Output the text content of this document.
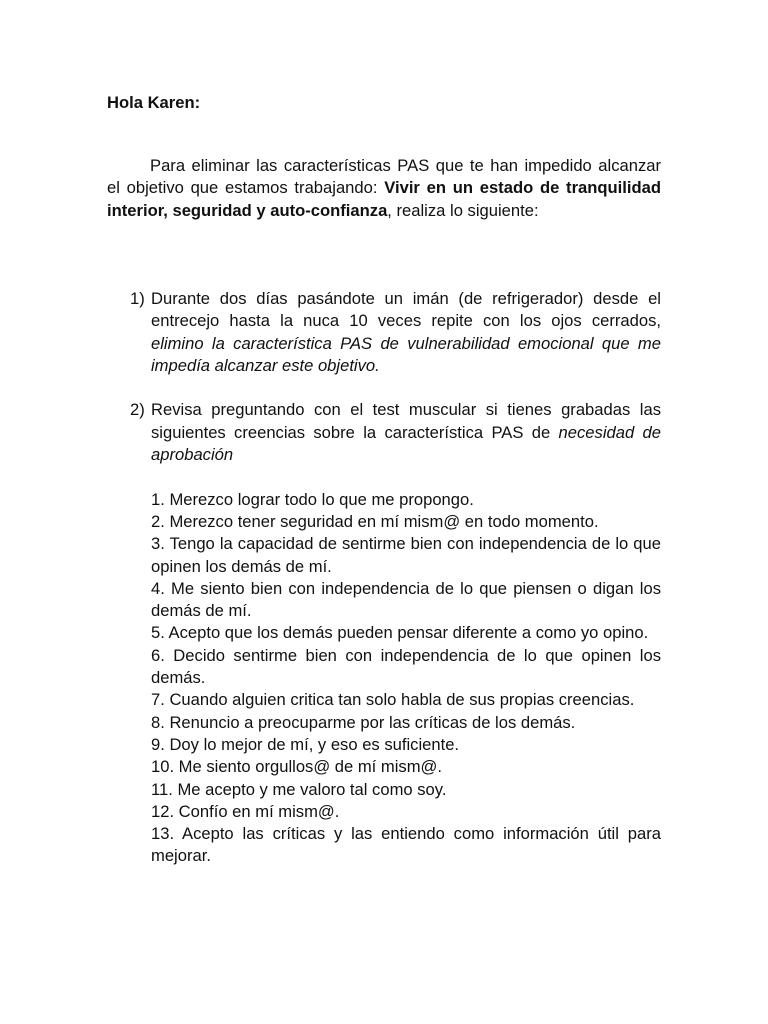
Hola Karen:

Para eliminar las características PAS que te han impedido alcanzar el objetivo que estamos trabajando: Vivir en un estado de tranquilidad interior, seguridad y auto-confianza, realiza lo siguiente:

1) Durante dos días pasándote un imán (de refrigerador) desde el entrecejo hasta la nuca 10 veces repite con los ojos cerrados, elimino la característica PAS de vulnerabilidad emocional que me impedía alcanzar este objetivo.

2) Revisa preguntando con el test muscular si tienes grabadas las siguientes creencias sobre la característica PAS de necesidad de aprobación

1. Merezco lograr todo lo que me propongo.
2. Merezco tener seguridad en mí mism@ en todo momento.
3. Tengo la capacidad de sentirme bien con independencia de lo que opinen los demás de mí.
4. Me siento bien con independencia de lo que piensen o digan los demás de mí.
5. Acepto que los demás pueden pensar diferente a como yo opino.
6. Decido sentirme bien con independencia de lo que opinen los demás.
7. Cuando alguien critica tan solo habla de sus propias creencias.
8. Renuncio a preocuparme por las críticas de los demás.
9. Doy lo mejor de mí, y eso es suficiente.
10. Me siento orgullos@ de mí mism@.
11. Me acepto y me valoro tal como soy.
12. Confío en mí mism@.
13. Acepto las críticas y las entiendo como información útil para mejorar.
